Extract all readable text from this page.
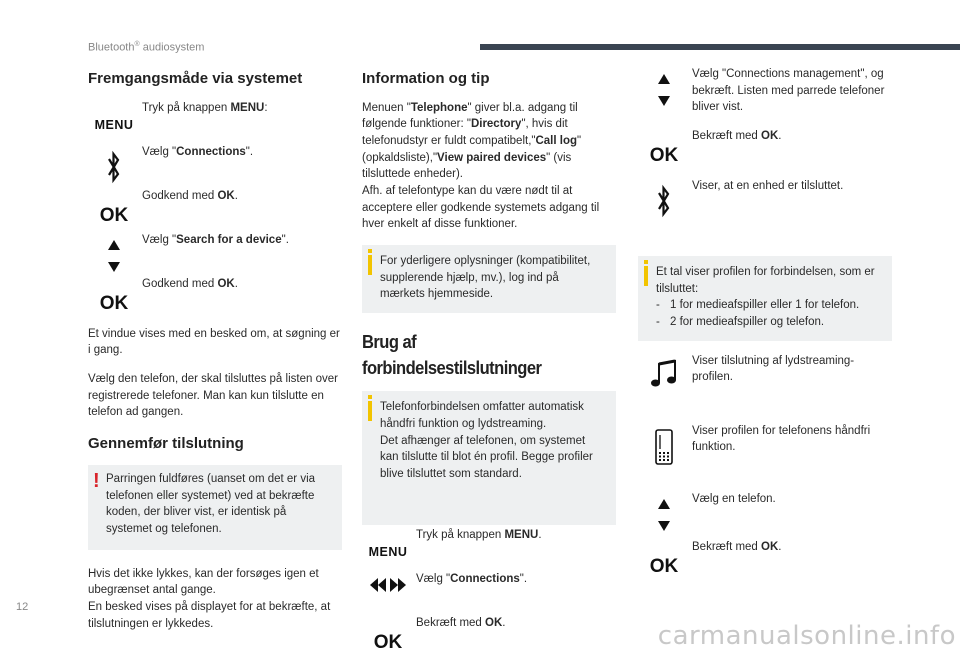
Bluetooth® audiosystem
Fremgangsmåde via systemet
MENU
Tryk på knappen MENU:
Vælg "Connections".
OK
Godkend med OK.
Vælg "Search for a device".
OK
Godkend med OK.

Et vindue vises med en besked om, at søgning er i gang.

Vælg den telefon, der skal tilsluttes på listen over registrerede telefoner. Man kan kun tilslutte en telefon ad gangen.

Gennemfør tilslutning
! Parringen fuldføres (uanset om det er via telefonen eller systemet) ved at bekræfte koden, der bliver vist, er identisk på systemet og telefonen.

Hvis det ikke lykkes, kan der forsøges igen et ubegrænset antal gange.
En besked vises på displayet for at bekræfte, at tilslutningen er lykkedes.

Information og tip

Menuen "Telephone" giver bl.a. adgang til følgende funktioner: "Directory", hvis dit telefonudstyr er fuldt compatibelt,"Call log" (opkaldsliste),"View paired devices" (vis tilsluttede enheder).
Afh. af telefontype kan du være nødt til at acceptere eller godkende systemets adgang til hver enkelt af disse funktioner.

For yderligere oplysninger (kompatibilitet, supplerende hjælp, mv.), log ind på mærkets hjemmeside.
Brug af forbindelsestilslutninger
Telefonforbindelsen omfatter automatisk håndfri funktion og lydstreaming.
Det afhænger af telefonen, om systemet kan tilslutte til blot én profil. Begge profiler blive tilsluttet som standard.
MENU
Tryk på knappen MENU.
Vælg "Connections".
OK
Bekræft med OK.
Vælg "Connections management", og bekræft. Listen med parrede telefoner bliver vist.
OK
Bekræft med OK.
Viser, at en enhed er tilsluttet.
Et tal viser profilen for forbindelsen, som er tilsluttet:
- 1 for medieafspiller eller 1 for telefon.
- 2 for medieafspiller og telefon.
Viser tilslutning af lydstreaming-profilen.
Viser profilen for telefonens håndfri funktion.
Vælg en telefon.
OK
Bekræft med OK.
12
carmanualsonline.info
